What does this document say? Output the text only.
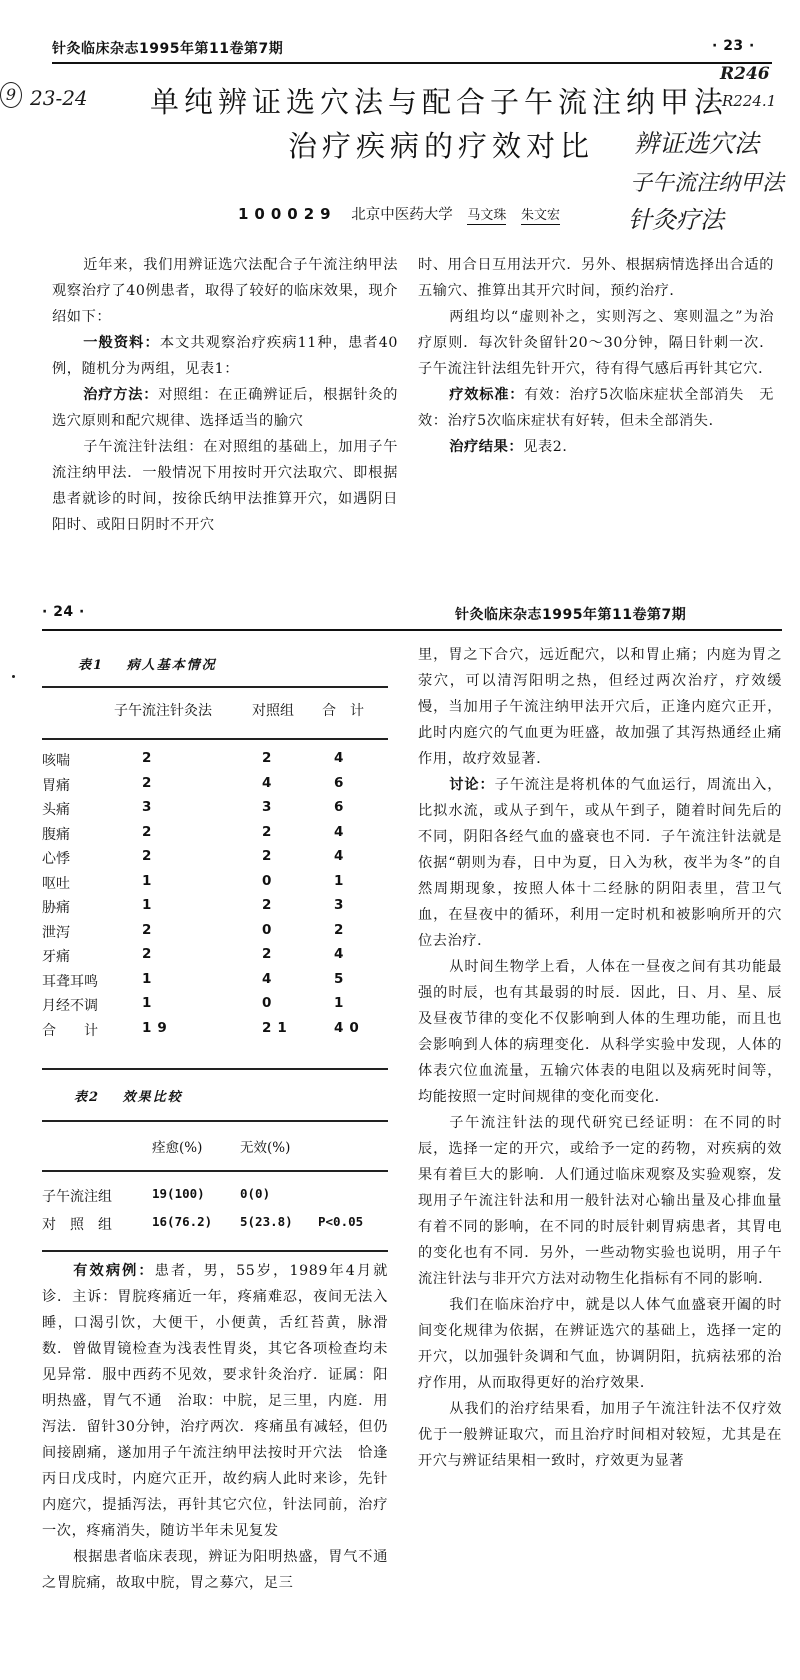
针灸临床杂志1995年第11卷第7期	· 23 ·
9 23-24
R246
R224.1
辨证选穴法
子午流注纳甲法
针灸疗法
单纯辨证选穴法与配合子午流注纳甲法
治疗疾病的疗效对比
100029 北京中医药大学 马文珠 朱文宏

近年来，我们用辨证选穴法配合子午流注纳甲法观察治疗了40例患者，取得了较好的临床效果，现介绍如下：

一般资料：本文共观察治疗疾病11种，患者40例，随机分为两组，见表1：

治疗方法：对照组：在正确辨证后，根据针灸的选穴原则和配穴规律、选择适当的腧穴

子午流注针法组：在对照组的基础上，加用子午流注纳甲法．一般情况下用按时开穴法取穴、即根据患者就诊的时间，按徐氏纳甲法推算开穴，如遇阴日阳时、或阳日阴时不开穴

时、用合日互用法开穴．另外、根据病情选择出合适的五输穴、推算出其开穴时间，预约治疗．

两组均以“虚则补之，实则泻之、寒则温之”为治疗原则．每次针灸留针20～30分钟，隔日针刺一次．子午流注针法组先针开穴，待有得气感后再针其它穴．

疗效标准：有效：治疗5次临床症状全部消失　无效：治疗5次临床症状有好转，但未全部消失．

治疗结果：见表2．

· 24 ·	针灸临床杂志1995年第11卷第7期
表1 病人基本情况
子午流注针灸法	对照组 合　计
咳喘	2	2	4
胃痛	2	4	6
头痛	3	3	6
腹痛	2	2	4
心悸	2	2	4
呕吐	1	0	1
胁痛	1	2	3
泄泻	2	0	2
牙痛	2	2	4
耳聋耳鸣	1	4	5
月经不调	1	0	1
合　　计	19	21	40
表2 效果比较
痊愈(%)	无效(%)
子午流注组	19(100)	0(0)
对　照　组	16(76.2) 5(23.8) P<0.05

有效病例：患者，男，55岁，1989年4月就诊．主诉：胃脘疼痛近一年，疼痛难忍，夜间无法入睡，口渴引饮，大便干，小便黄，舌红苔黄，脉滑数．曾做胃镜检查为浅表性胃炎，其它各项检查均未见异常．服中西药不见效，要求针灸治疗．证属：阳明热盛，胃气不通　治取：中脘，足三里，内庭．用泻法．留针30分钟，治疗两次．疼痛虽有减轻，但仍间接剧痛，遂加用子午流注纳甲法按时开穴法　恰逢丙日戊戌时，内庭穴正开，故约病人此时来诊，先针内庭穴，提插泻法，再针其它穴位，针法同前，治疗一次，疼痛消失，随访半年未见复发

根据患者临床表现，辨证为阳明热盛，胃气不通之胃脘痛，故取中脘，胃之募穴，足三

里，胃之下合穴，远近配穴，以和胃止痛；内庭为胃之荥穴，可以清泻阳明之热，但经过两次治疗，疗效缓慢，当加用子午流注纳甲法开穴后，正逢内庭穴正开，此时内庭穴的气血更为旺盛，故加强了其泻热通经止痛作用，故疗效显著．

讨论：子午流注是将机体的气血运行，周流出入，比拟水流，或从子到午，或从午到子，随着时间先后的不同，阴阳各经气血的盛衰也不同．子午流注针法就是依据“朝则为春，日中为夏，日入为秋，夜半为冬”的自然周期现象，按照人体十二经脉的阴阳表里，营卫气血，在昼夜中的循环，利用一定时机和被影响所开的穴位去治疗．

从时间生物学上看，人体在一昼夜之间有其功能最强的时辰，也有其最弱的时辰．因此，日、月、星、辰及昼夜节律的变化不仅影响到人体的生理功能，而且也会影响到人体的病理变化．从科学实验中发现，人体的体表穴位血流量，五输穴体表的电阻以及病死时间等，均能按照一定时间规律的变化而变化．

子午流注针法的现代研究已经证明：在不同的时辰，选择一定的开穴，或给予一定的药物，对疾病的效果有着巨大的影响．人们通过临床观察及实验观察，发现用子午流注针法和用一般针法对心输出量及心排血量有着不同的影响，在不同的时辰针刺胃病患者，其胃电的变化也有不同．另外，一些动物实验也说明，用子午流注针法与非开穴方法对动物生化指标有不同的影响．

我们在临床治疗中，就是以人体气血盛衰开阖的时间变化规律为依据，在辨证选穴的基础上，选择一定的开穴，以加强针灸调和气血，协调阴阳，抗病祛邪的治疗作用，从而取得更好的治疗效果．

从我们的治疗结果看，加用子午流注针法不仅疗效优于一般辨证取穴，而且治疗时间相对较短，尤其是在开穴与辨证结果相一致时，疗效更为显著
